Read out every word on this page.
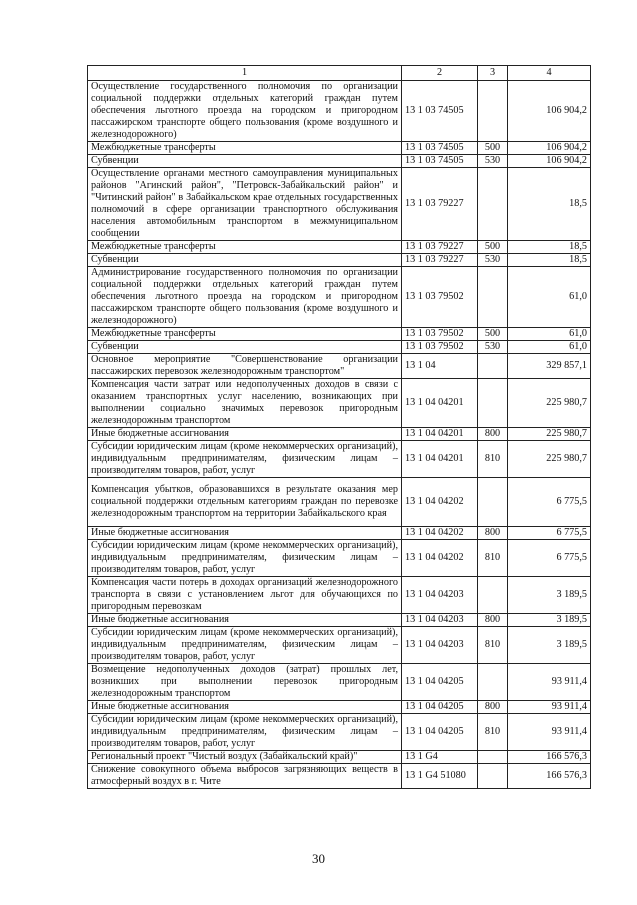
1	2	3	4
Осуществление государственного полномочия по организации социальной поддержки отдельных категорий граждан путем обеспечения льготного проезда на городском и пригородном пассажирском транспорте общего пользования (кроме воздушного и железнодорожного)	13 1 03 74505		106 904,2
Межбюджетные трансферты	13 1 03 74505	500	106 904,2
Субвенции	13 1 03 74505	530	106 904,2
Осуществление органами местного самоуправления муниципальных районов "Агинский район", "Петровск-Забайкальский район" и "Читинский район" в Забайкальском крае отдельных государственных полномочий в сфере организации транспортного обслуживания населения автомобильным транспортом в межмуниципальном сообщении	13 1 03 79227		18,5
Межбюджетные трансферты	13 1 03 79227	500	18,5
Субвенции	13 1 03 79227	530	18,5
Администрирование государственного полномочия по организации социальной поддержки отдельных категорий граждан путем обеспечения льготного проезда на городском и пригородном пассажирском транспорте общего пользования (кроме воздушного и железнодорожного)	13 1 03 79502		61,0
Межбюджетные трансферты	13 1 03 79502	500	61,0
Субвенции	13 1 03 79502	530	61,0
Основное мероприятие "Совершенствование организации пассажирских перевозок железнодорожным транспортом"	13 1 04		329 857,1
Компенсация части затрат или недополученных доходов в связи с оказанием транспортных услуг населению, возникающих при выполнении социально значимых перевозок пригородным железнодорожным транспортом	13 1 04 04201		225 980,7
Иные бюджетные ассигнования	13 1 04 04201	800	225 980,7
Субсидии юридическим лицам (кроме некоммерческих организаций), индивидуальным предпринимателям, физическим лицам – производителям товаров, работ, услуг	13 1 04 04201	810	225 980,7
Компенсация убытков, образовавшихся в результате оказания мер социальной поддержки отдельным категориям граждан по перевозке железнодорожным транспортом на территории Забайкальского края	13 1 04 04202		6 775,5
Иные бюджетные ассигнования	13 1 04 04202	800	6 775,5
Субсидии юридическим лицам (кроме некоммерческих организаций), индивидуальным предпринимателям, физическим лицам – производителям товаров, работ, услуг	13 1 04 04202	810	6 775,5
Компенсация части потерь в доходах организаций железнодорожного транспорта в связи с установлением льгот для обучающихся по пригородным перевозкам	13 1 04 04203		3 189,5
Иные бюджетные ассигнования	13 1 04 04203	800	3 189,5
Субсидии юридическим лицам (кроме некоммерческих организаций), индивидуальным предпринимателям, физическим лицам – производителям товаров, работ, услуг	13 1 04 04203	810	3 189,5
Возмещение недополученных доходов (затрат) прошлых лет, возникших при выполнении перевозок пригородным железнодорожным транспортом	13 1 04 04205		93 911,4
Иные бюджетные ассигнования	13 1 04 04205	800	93 911,4
Субсидии юридическим лицам (кроме некоммерческих организаций), индивидуальным предпринимателям, физическим лицам – производителям товаров, работ, услуг	13 1 04 04205	810	93 911,4
Региональный проект "Чистый воздух (Забайкальский край)"	13 1 G4		166 576,3
Снижение совокупного объема выбросов загрязняющих веществ в атмосферный воздух в г. Чите	13 1 G4 51080		166 576,3
30
